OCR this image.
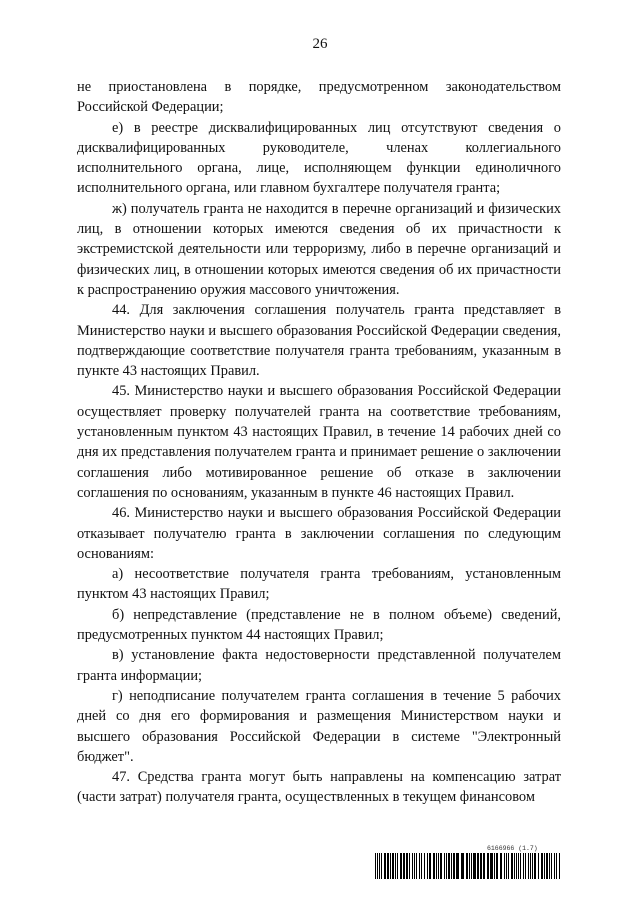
26

не приостановлена в порядке, предусмотренном законодательством Российской Федерации;

е) в реестре дисквалифицированных лиц отсутствуют сведения о дисквалифицированных руководителе, членах коллегиального исполнительного органа, лице, исполняющем функции единоличного исполнительного органа, или главном бухгалтере получателя гранта;

ж) получатель гранта не находится в перечне организаций и физических лиц, в отношении которых имеются сведения об их причастности к экстремистской деятельности или терроризму, либо в перечне организаций и физических лиц, в отношении которых имеются сведения об их причастности к распространению оружия массового уничтожения.

44. Для заключения соглашения получатель гранта представляет в Министерство науки и высшего образования Российской Федерации сведения, подтверждающие соответствие получателя гранта требованиям, указанным в пункте 43 настоящих Правил.

45. Министерство науки и высшего образования Российской Федерации осуществляет проверку получателей гранта на соответствие требованиям, установленным пунктом 43 настоящих Правил, в течение 14 рабочих дней со дня их представления получателем гранта и принимает решение о заключении соглашения либо мотивированное решение об отказе в заключении соглашения по основаниям, указанным в пункте 46 настоящих Правил.

46. Министерство науки и высшего образования Российской Федерации отказывает получателю гранта в заключении соглашения по следующим основаниям:

а) несоответствие получателя гранта требованиям, установленным пунктом 43 настоящих Правил;

б) непредставление (представление не в полном объеме) сведений, предусмотренных пунктом 44 настоящих Правил;

в) установление факта недостоверности представленной получателем гранта информации;

г) неподписание получателем гранта соглашения в течение 5 рабочих дней со дня его формирования и размещения Министерством науки и высшего образования Российской Федерации в системе "Электронный бюджет".

47. Средства гранта могут быть направлены на компенсацию затрат (части затрат) получателя гранта, осуществленных в текущем финансовом

6166966 (1.7)
